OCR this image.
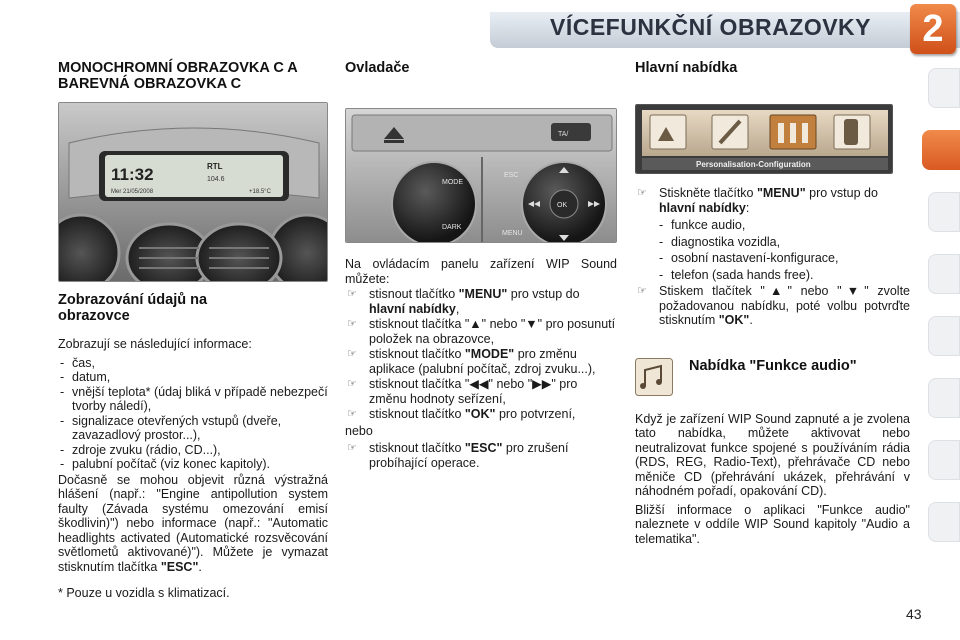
VÍCEFUNKČNÍ OBRAZOVKY	2
MONOCHROMNÍ OBRAZOVKA C A BAREVNÁ OBRAZOVKA C
11:32
Mer 21/05/2008
RTL
104.6
+18.5°C
Zobrazování údajů na obrazovce

Zobrazují se následující informace:

- čas,
- datum,
- vnější teplota* (údaj bliká v případě nebezpečí tvorby náledí),
- signalizace otevřených vstupů (dveře, zavazadlový prostor...),
- zdroje zvuku (rádio, CD...),
- palubní počítač (viz konec kapitoly).

Dočasně se mohou objevit různá výstražná hlášení (např.: "Engine antipollution system faulty (Závada systému omezování emisí škodlivin)") nebo informace (např.: "Automatic headlights activated (Automatické rozsvěcování světlometů aktivované)"). Můžete je vymazat stisknutím tlačítka "ESC".

* Pouze u vozidla s klimatizací.

Ovladače
TA/
MODE
DARK
ESC
MENU
OK

Na ovládacím panelu zařízení WIP Sound můžete:

☞ stisnout tlačítko "MENU" pro vstup do hlavní nabídky,
☞ stisknout tlačítka "▲" nebo "▼" pro posunutí položek na obrazovce,
☞ stisknout tlačítko "MODE" pro změnu aplikace (palubní počítač, zdroj zvuku...),
☞ stisknout tlačítka "◀◀" nebo "▶▶" pro změnu hodnoty seřízení,
☞ stisknout tlačítko "OK" pro potvrzení,

nebo

☞ stisknout tlačítko "ESC" pro zrušení probíhající operace.
Hlavní nabídka
Personalisation-Configuration
☞ Stiskněte tlačítko "MENU" pro vstup do hlavní nabídky:
- funkce audio,
- diagnostika vozidla,
- osobní nastavení-konfigurace,
- telefon (sada hands free).
☞ Stiskem tlačítek "▲" nebo "▼" zvolte požadovanou nabídku, poté volbu potvrďte stisknutím "OK".
Nabídka "Funkce audio"

Když je zařízení WIP Sound zapnuté a je zvolena tato nabídka, můžete aktivovat nebo neutralizovat funkce spojené s používáním rádia (RDS, REG, Radio-Text), přehrávače CD nebo měniče CD (přehrávání ukázek, přehrávání v náhodném pořadí, opakování CD).

Bližší informace o aplikaci "Funkce audio" naleznete v oddíle WIP Sound kapitoly "Audio a telematika".

43
